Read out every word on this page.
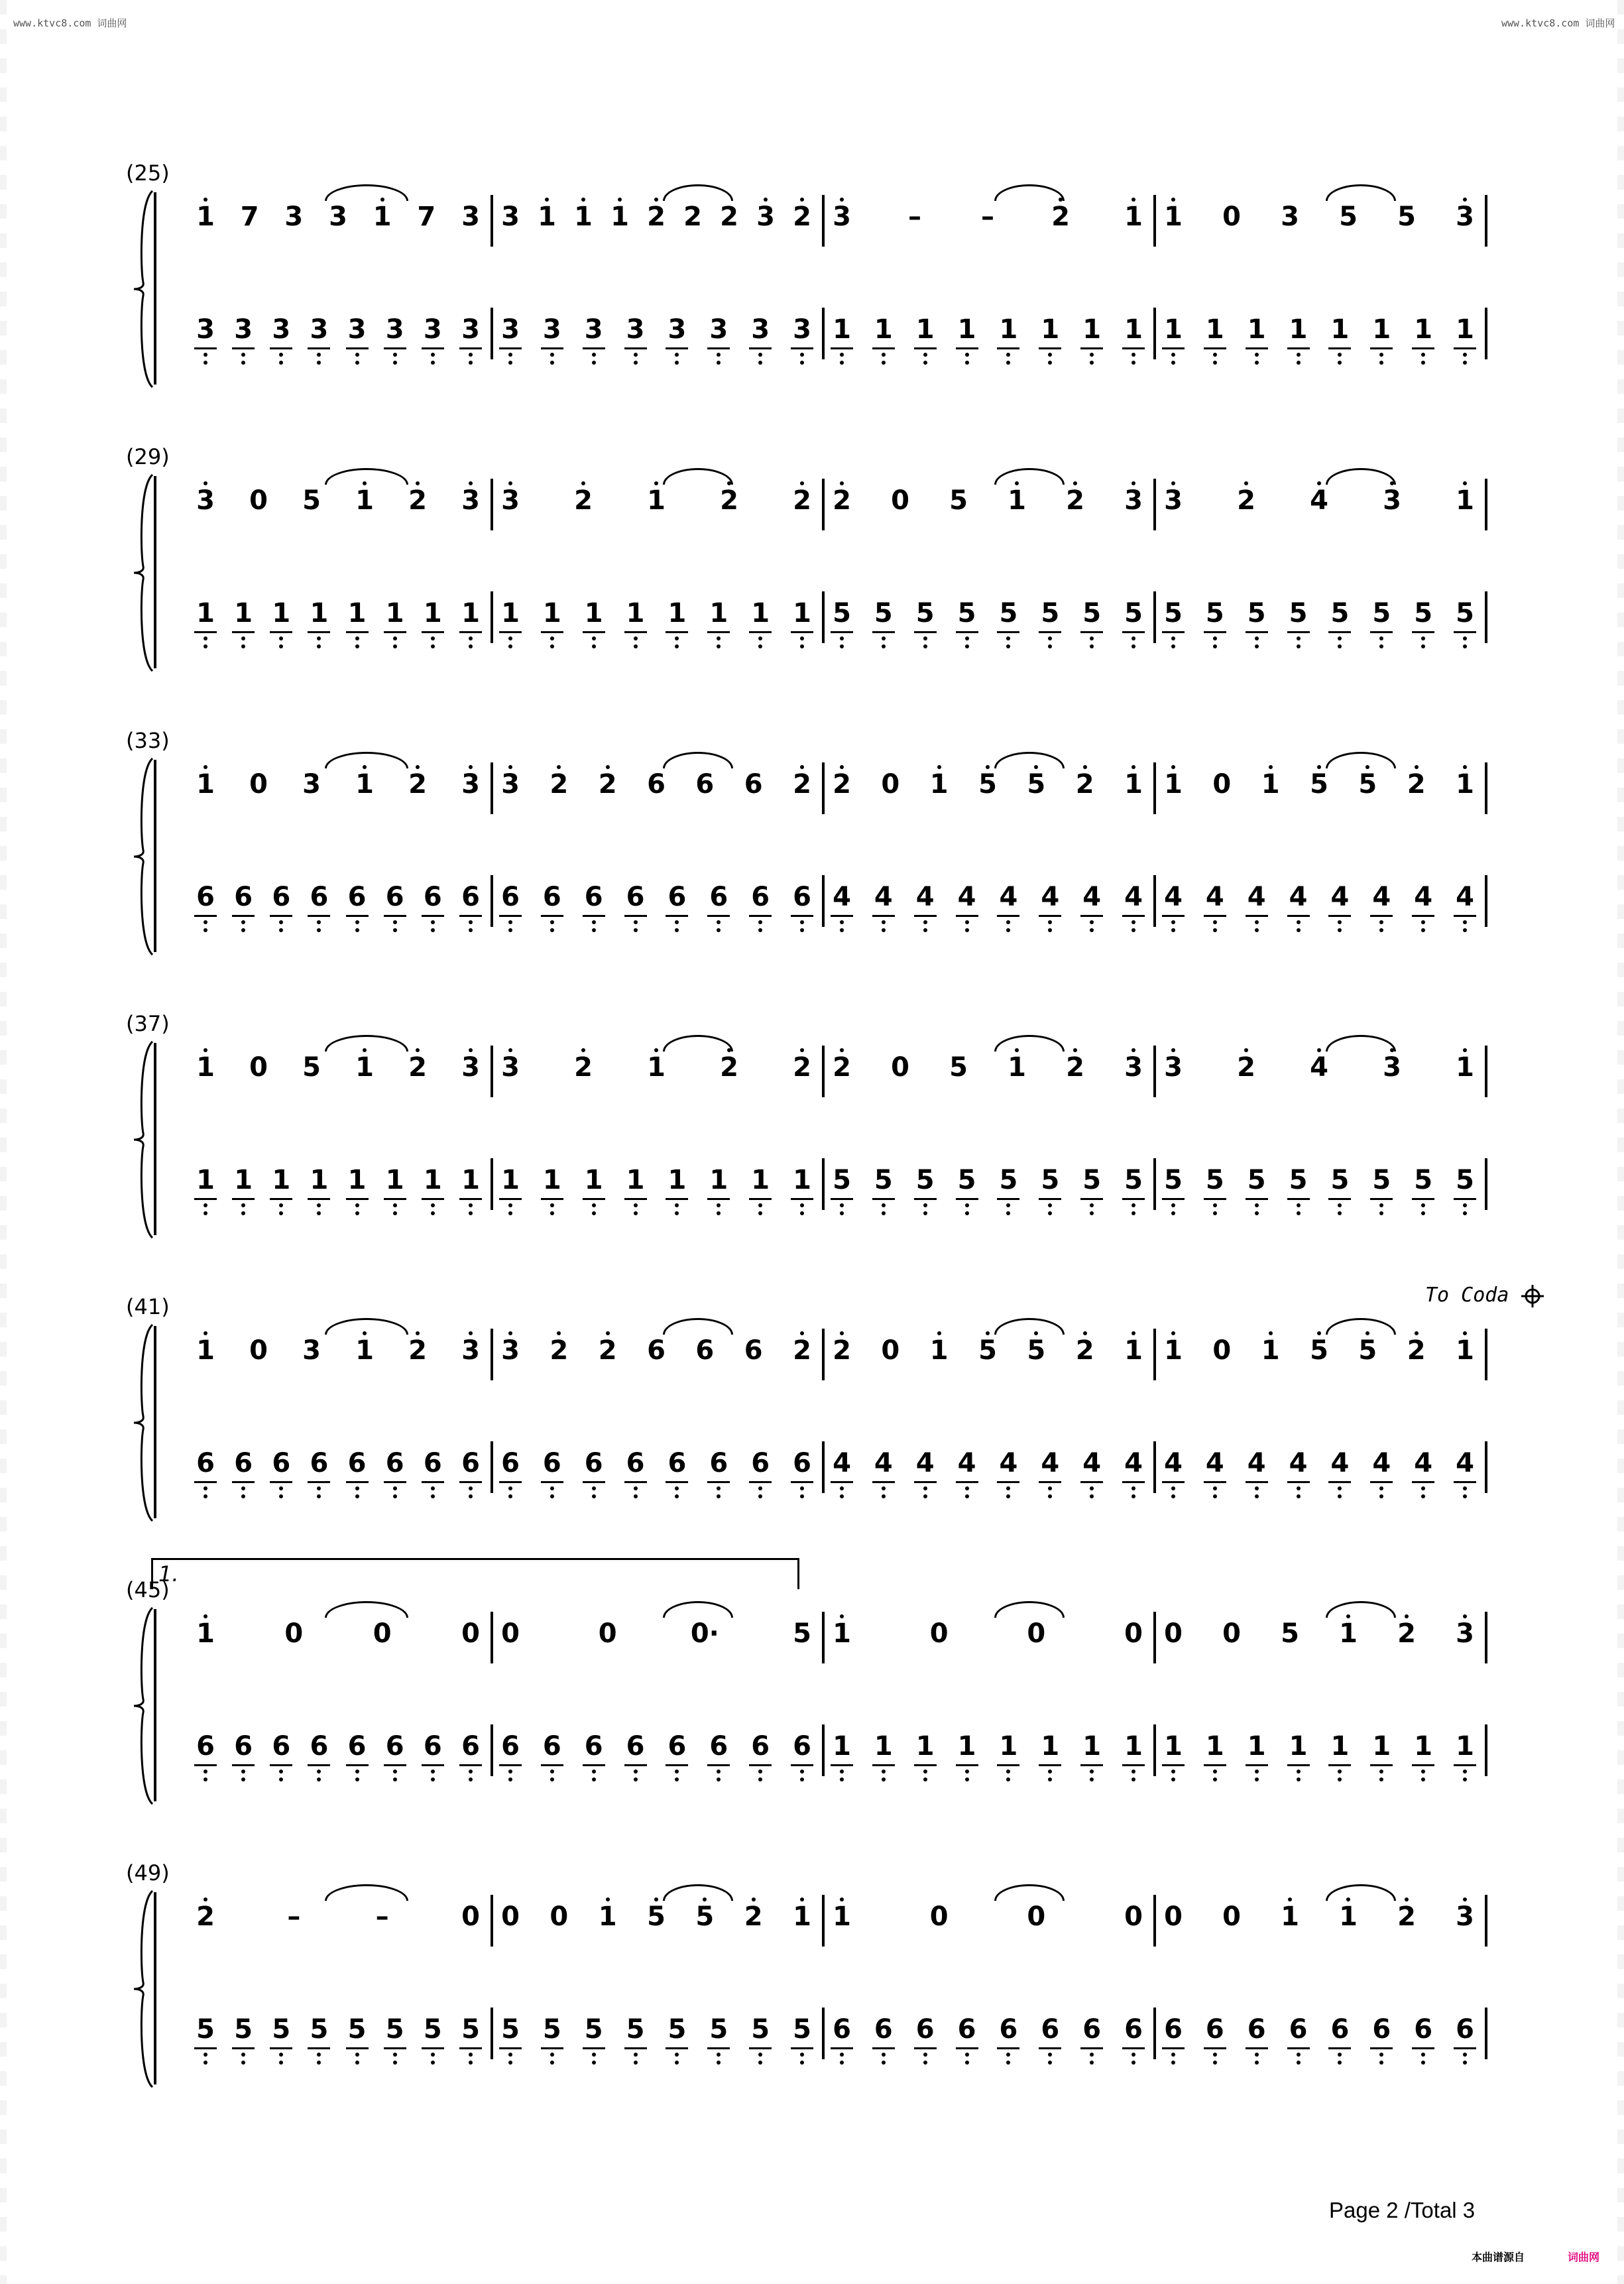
www.ktvc8.com 词曲网	www.ktvc8.com 词曲网
(25)
1 7 3 3 1 7 3 3 1 1 1 2 2 2 3 2 3	–	–	2 1 1 0 3 5 5 3
3 3 3 3 3 3 3 3 3 3 3 3 3 3 3 3 1 1 1 1 1 1 1 1 1 1 1 1 1 1 1 1
(29)
3 0 5 1 2 3 3 2 1 2 2 2 0 5 1 2 3 3 2 4 3 1
1 1 1 1 1 1 1 1 1 1 1 1 1 1 1 1 5 5 5 5 5 5 5 5 5 5 5 5 5 5 5 5
(33)
1 0 3 1 2 3 3 2 2 6 6 6 2 2 0 1 5 5 2 1 1 0 1 5 5 2 1
6 6 6 6 6 6 6 6 6 6 6 6 6 6 6 6 4 4 4 4 4 4 4 4 4 4 4 4 4 4 4 4
(37)
1 0 5 1 2 3 3 2 1 2 2 2 0 5 1 2 3 3 2 4 3 1
1 1 1 1 1 1 1 1 1 1 1 1 1 1 1 1 5 5 5 5 5 5 5 5 5 5 5 5 5 5 5 5
(41)
1 0 3 1 2 3 3 2 2 6 6 6 2 2 0 1 5 5 2 1 1 0 1 5 5 2 1
6 6 6 6 6 6 6 6 6 6 6 6 6 6 6 6 4 4 4 4 4 4 4 4 4 4 4 4 4 4 4 4
(45)
1	0	0	0 0	0	0·	5 1	0	0	0 0 0 5 1 2 3
6 6 6 6 6 6 6 6 6 6 6 6 6 6 6 6 1 1 1 1 1 1 1 1 1 1 1 1 1 1 1 1
(49)
2	–	–	0 0 0 1 5 5 2 1 1	0	0	0 0 0 1 1 2 3
5 5 5 5 5 5 5 5 5 5 5 5 5 5 5 5 6 6 6 6 6 6 6 6 6 6 6 6 6 6 6 6
To Coda
1.
Page 2 /Total 3
本曲谱源自	词曲网
